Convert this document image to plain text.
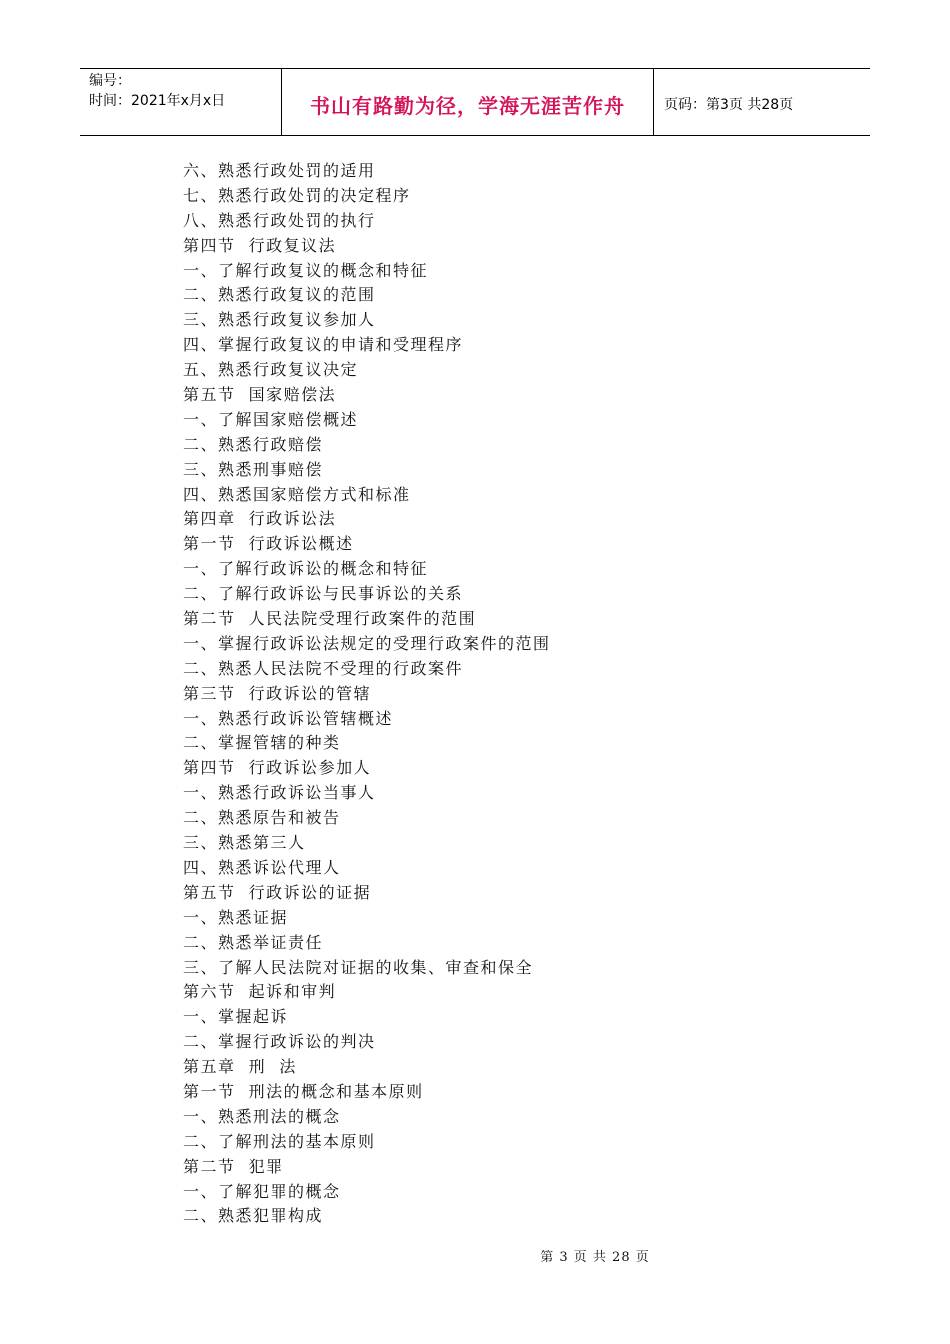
编号：
时间：2021年x月x日	书山有路勤为径，学海无涯苦作舟	页码：第3页 共28页
六、熟悉行政处罚的适用
七、熟悉行政处罚的决定程序
八、熟悉行政处罚的执行
第四节  行政复议法
一、了解行政复议的概念和特征
二、熟悉行政复议的范围
三、熟悉行政复议参加人
四、掌握行政复议的申请和受理程序
五、熟悉行政复议决定
第五节  国家赔偿法
一、了解国家赔偿概述
二、熟悉行政赔偿
三、熟悉刑事赔偿
四、熟悉国家赔偿方式和标准
第四章  行政诉讼法
第一节  行政诉讼概述
一、了解行政诉讼的概念和特征
二、了解行政诉讼与民事诉讼的关系
第二节  人民法院受理行政案件的范围
一、掌握行政诉讼法规定的受理行政案件的范围
二、熟悉人民法院不受理的行政案件
第三节  行政诉讼的管辖
一、熟悉行政诉讼管辖概述
二、掌握管辖的种类
第四节  行政诉讼参加人
一、熟悉行政诉讼当事人
二、熟悉原告和被告
三、熟悉第三人
四、熟悉诉讼代理人
第五节  行政诉讼的证据
一、熟悉证据
二、熟悉举证责任
三、了解人民法院对证据的收集、审查和保全
第六节  起诉和审判
一、掌握起诉
二、掌握行政诉讼的判决
第五章  刑  法
第一节  刑法的概念和基本原则
一、熟悉刑法的概念
二、了解刑法的基本原则
第二节  犯罪
一、了解犯罪的概念
二、熟悉犯罪构成
第 3 页 共 28 页
